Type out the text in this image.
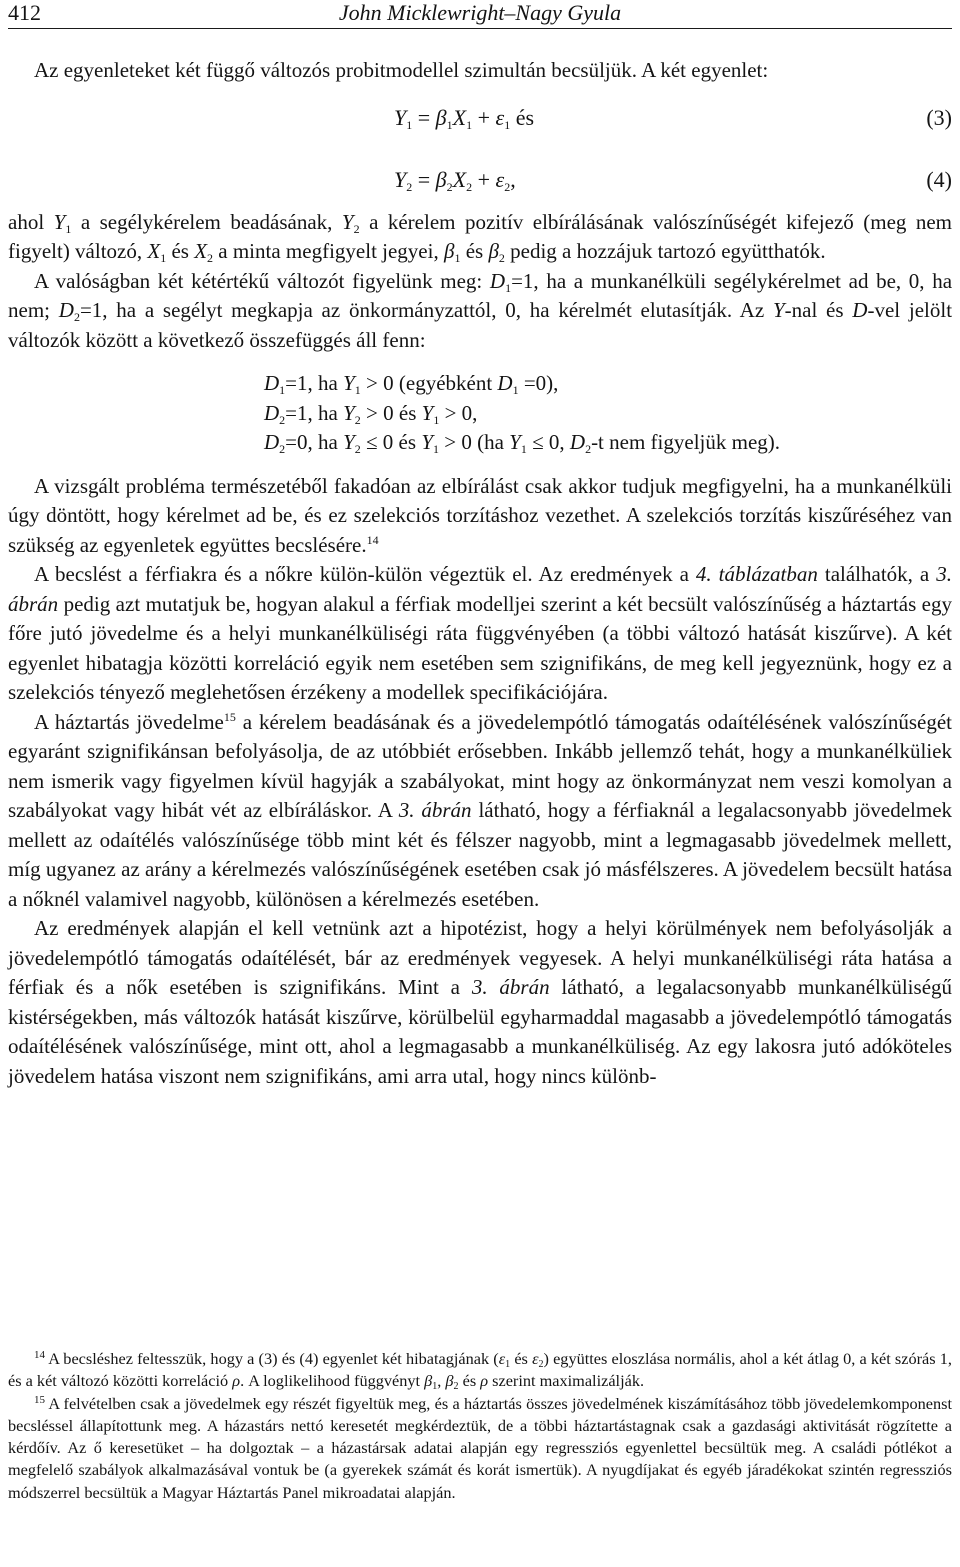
412	John Micklewright–Nagy Gyula

Az egyenleteket két függő változós probitmodellel szimultán becsüljük. A két egyenlet:

$Y_1 = \beta_1X_1 + \varepsilon_1$ és	(3)
$Y_2 = \beta_2X_2 + \varepsilon_2$,	(4)

ahol $Y_1$ a segélykérelem beadásának, $Y_2$ a kérelem pozitív elbírálásának valószínűségét kifejező (meg nem figyelt) változó, $X_1$ és $X_2$ a minta megfigyelt jegyei, $\beta_1$ és $\beta_2$ pedig a hozzájuk tartozó együtthatók.

A valóságban két kétértékű változót figyelünk meg: $D_1=1$, ha a munkanélküli segélykérelmet ad be, 0, ha nem; $D_2=1$, ha a segélyt megkapja az önkormányzattól, 0, ha kérelmét elutasítják. Az Y-nal és D-vel jelölt változók között a következő összefüggés áll fenn:

$D_1=1$, ha $Y_1 > 0$ (egyébként $D_1 =0$),
$D_2=1$, ha $Y_2 > 0$ és $Y_1 > 0$,
$D_2=0$, ha $Y_2 \le 0$ és $Y_1 > 0$ (ha $Y_1 \le 0$, $D_2-t$ nem figyeljük meg).

A vizsgált probléma természetéből fakadóan az elbírálást csak akkor tudjuk megfigyelni, ha a munkanélküli úgy döntött, hogy kérelmet ad be, és ez szelekciós torzításhoz vezethet. A szelekciós torzítás kiszűréséhez van szükség az egyenletek együttes becslésére.$^{14}$

A becslést a férfiakra és a nőkre külön-külön végeztük el. Az eredmények a 4. táblázatban találhatók, a 3. ábrán pedig azt mutatjuk be, hogyan alakul a férfiak modelljei szerint a két becsült valószínűség a háztartás egy főre jutó jövedelme és a helyi munkanélküliségi ráta függvényében (a többi változó hatását kiszűrve). A két egyenlet hibatagja közötti korreláció egyik nem esetében sem szignifikáns, de meg kell jegyeznünk, hogy ez a szelekciós tényező meglehetősen érzékeny a modellek specifikációjára.

A háztartás jövedelme$^{15}$ a kérelem beadásának és a jövedelempótló támogatás odaítélésének valószínűségét egyaránt szignifikánsan befolyásolja, de az utóbbiét erősebben. Inkább jellemző tehát, hogy a munkanélküliek nem ismerik vagy figyelmen kívül hagyják a szabályokat, mint hogy az önkormányzat nem veszi komolyan a szabályokat vagy hibát vét az elbíráláskor. A 3. ábrán látható, hogy a férfiaknál a legalacsonyabb jövedelmek mellett az odaítélés valószínűsége több mint két és félszer nagyobb, mint a legmagasabb jövedelmek mellett, míg ugyanez az arány a kérelmezés valószínűségének esetében csak jó másfélszeres. A jövedelem becsült hatása a nőknél valamivel nagyobb, különösen a kérelmezés esetében.

Az eredmények alapján el kell vetnünk azt a hipotézist, hogy a helyi körülmények nem befolyásolják a jövedelempótló támogatás odaítélését, bár az eredmények vegyesek. A helyi munkanélküliségi ráta hatása a férfiak és a nők esetében is szignifikáns. Mint a 3. ábrán látható, a legalacsonyabb munkanélküliségű kistérségekben, más változók hatását kiszűrve, körülbelül egyharmaddal magasabb a jövedelempótló támogatás odaítélésének valószínűsége, mint ott, ahol a legmagasabb a munkanélküliség. Az egy lakosra jutó adóköteles jövedelem hatása viszont nem szignifikáns, ami arra utal, hogy nincs különb-

$^{14}$ A becsléshez feltesszük, hogy a (3) és (4) egyenlet két hibatagjának ($\varepsilon_1$ és $\varepsilon_2$) együttes eloszlása normális, ahol a két átlag 0, a két szórás 1, és a két változó közötti korreláció ρ. A loglikelihood függvényt $\beta_1$, $\beta_2$ és ρ szerint maximalizálják.

$^{15}$ A felvételben csak a jövedelmek egy részét figyeltük meg, és a háztartás összes jövedelmének kiszámításához több jövedelemkomponenst becsléssel állapítottunk meg. A házastárs nettó keresetét megkérdeztük, de a többi háztartástagnak csak a gazdasági aktivitását rögzítette a kérdőív. Az ő keresetüket – ha dolgoztak – a házastársak adatai alapján egy regressziós egyenlettel becsültük meg. A családi pótlékot a megfelelő szabályok alkalmazásával vontuk be (a gyerekek számát és korát ismertük). A nyugdíjakat és egyéb járadékokat szintén regressziós módszerrel becsültük a Magyar Háztartás Panel mikroadatai alapján.
